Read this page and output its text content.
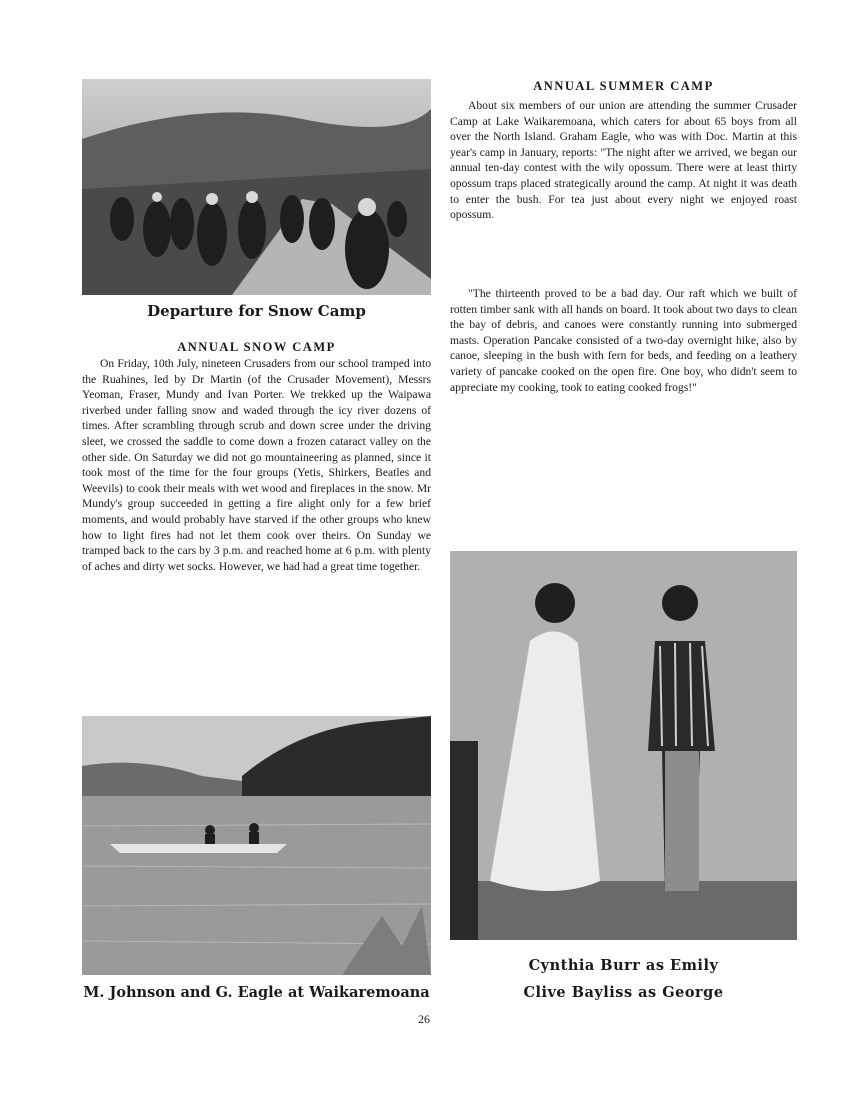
Departure for Snow Camp
ANNUAL SNOW CAMP

On Friday, 10th July, nineteen Crusaders from our school tramped into the Ruahines, led by Dr Martin (of the Crusader Movement), Messrs Yeoman, Fraser, Mundy and Ivan Porter. We trekked up the Waipawa riverbed under falling snow and waded through the icy river dozens of times. After scrambling through scrub and down scree under the driving sleet, we crossed the saddle to come down a frozen cataract valley on the other side. On Saturday we did not go mountaineering as planned, since it took most of the time for the four groups (Yetis, Shirkers, Beatles and Weevils) to cook their meals with wet wood and fireplaces in the snow. Mr Mundy's group succeeded in getting a fire alight only for a few brief moments, and would probably have starved if the other groups who knew how to light fires had not let them cook over theirs. On Sunday we tramped back to the cars by 3 p.m. and reached home at 6 p.m. with plenty of aches and dirty wet socks. However, we had had a great time together.

M. Johnson and G. Eagle at Waikaremoana
ANNUAL SUMMER CAMP

About six members of our union are attending the summer Crusader Camp at Lake Waikaremoana, which caters for about 65 boys from all over the North Island. Graham Eagle, who was with Doc. Martin at this year's camp in January, reports: "The night after we arrived, we began our annual ten-day contest with the wily opossum. There were at least thirty opossum traps placed strategically around the camp. At night it was death to enter the bush. For tea just about every night we enjoyed roast opossum.

"The thirteenth proved to be a bad day. Our raft which we built of rotten timber sank with all hands on board. It took about two days to clean the bay of debris, and canoes were constantly running into submerged masts. Operation Pancake consisted of a two-day overnight hike, also by canoe, sleeping in the bush with fern for beds, and feeding on a leathery variety of pancake cooked on the open fire. One boy, who didn't seem to appreciate my cooking, took to eating cooked frogs!"

Cynthia Burr as Emily
Clive Bayliss as George
26
